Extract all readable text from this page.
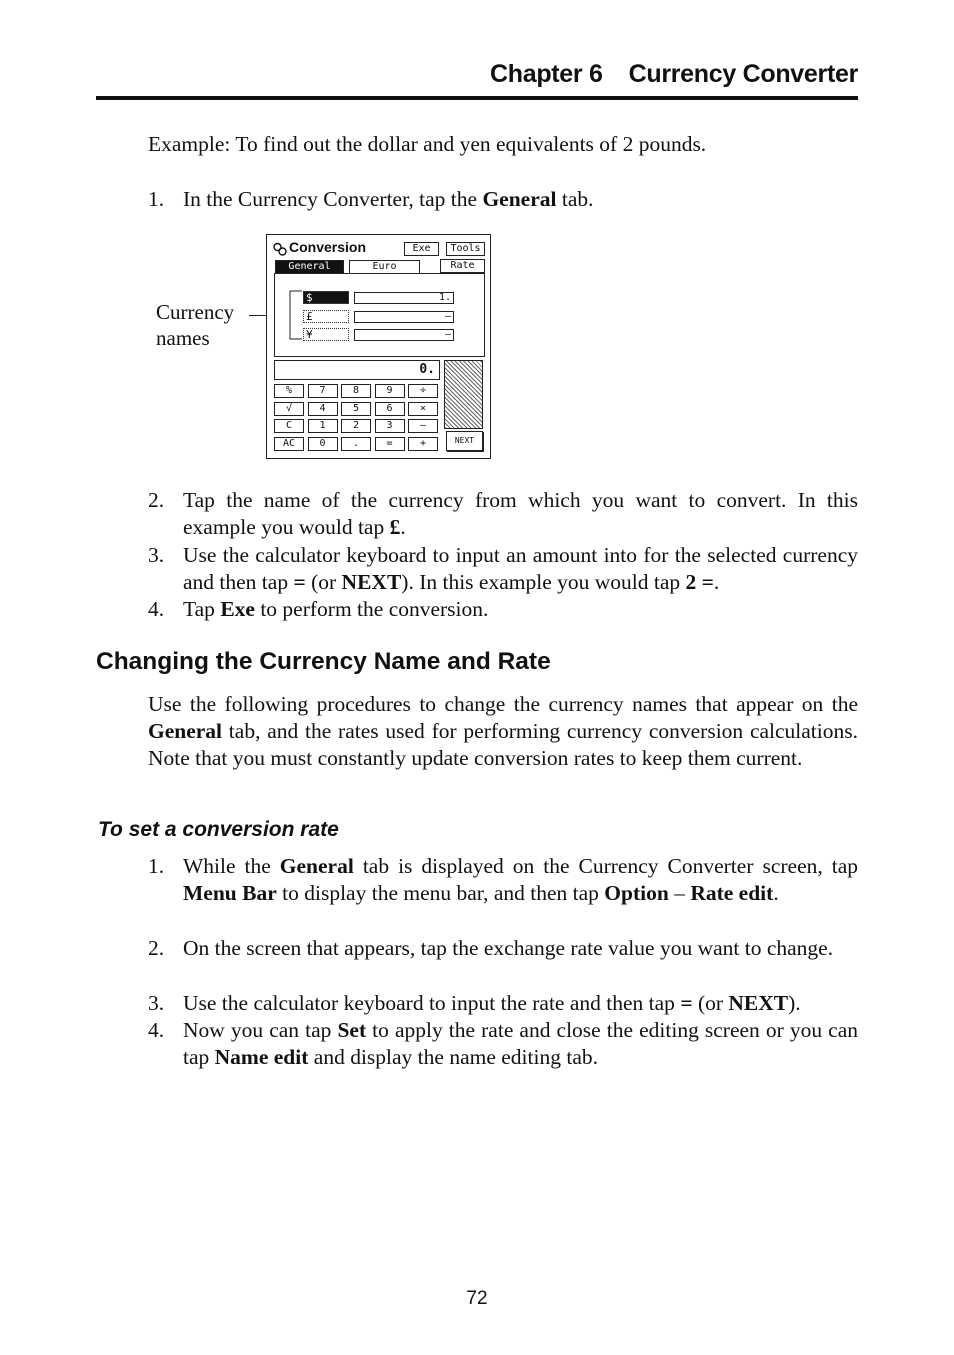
Chapter 6 Currency Converter
Example: To find out the dollar and yen equivalents of 2 pounds.
1. In the Currency Converter, tap the General tab.
Currency
names
Conversion	Exe	Tools
General	Euro	Rate
$	1.
£	–
¥	–
0.
%	7	8	9	÷
√	4	5	6	×
C	1	2	3	–
AC	0	.	=	+	NEXT
2. Tap the name of the currency from which you want to convert. In this example you would tap £.
3. Use the calculator keyboard to input an amount into for the selected currency and then tap = (or NEXT). In this example you would tap 2 =.
4. Tap Exe to perform the conversion.
Changing the Currency Name and Rate
Use the following procedures to change the currency names that appear on the General tab, and the rates used for performing currency conversion calculations. Note that you must constantly update conversion rates to keep them current.
To set a conversion rate
1. While the General tab is displayed on the Currency Converter screen, tap Menu Bar to display the menu bar, and then tap Option – Rate edit.
2. On the screen that appears, tap the exchange rate value you want to change.
3. Use the calculator keyboard to input the rate and then tap = (or NEXT).
4. Now you can tap Set to apply the rate and close the editing screen or you can tap Name edit and display the name editing tab.
72
